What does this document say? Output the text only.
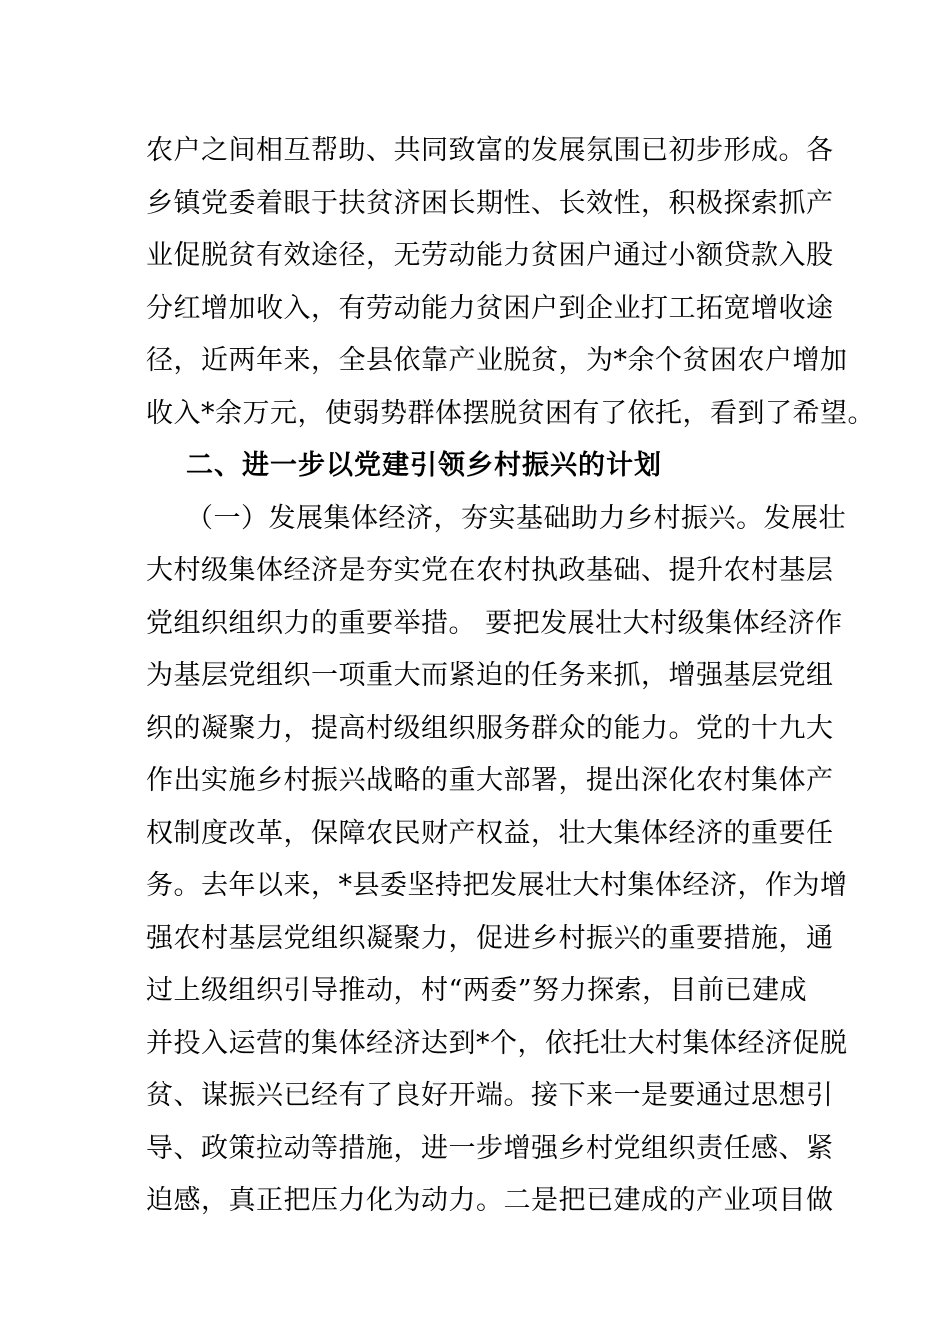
农户之间相互帮助、共同致富的发展氛围已初步形成。各
乡镇党委着眼于扶贫济困长期性、长效性，积极探索抓产
业促脱贫有效途径，无劳动能力贫困户通过小额贷款入股
分红增加收入，有劳动能力贫困户到企业打工拓宽增收途
径，近两年来，全县依靠产业脱贫，为*余个贫困农户增加
收入*余万元，使弱势群体摆脱贫困有了依托，看到了希望。
二、进一步以党建引领乡村振兴的计划
（一）发展集体经济，夯实基础助力乡村振兴。发展壮
大村级集体经济是夯实党在农村执政基础、提升农村基层
党组织组织力的重要举措。 要把发展壮大村级集体经济作
为基层党组织一项重大而紧迫的任务来抓，增强基层党组
织的凝聚力，提高村级组织服务群众的能力。党的十九大
作出实施乡村振兴战略的重大部署，提出深化农村集体产
权制度改革，保障农民财产权益，壮大集体经济的重要任
务。去年以来，*县委坚持把发展壮大村集体经济，作为增
强农村基层党组织凝聚力，促进乡村振兴的重要措施，通
过上级组织引导推动，村“两委”努力探索，目前已建成
并投入运营的集体经济达到*个，依托壮大村集体经济促脱
贫、谋振兴已经有了良好开端。接下来一是要通过思想引
导、政策拉动等措施，进一步增强乡村党组织责任感、紧
迫感，真正把压力化为动力。二是把已建成的产业项目做
